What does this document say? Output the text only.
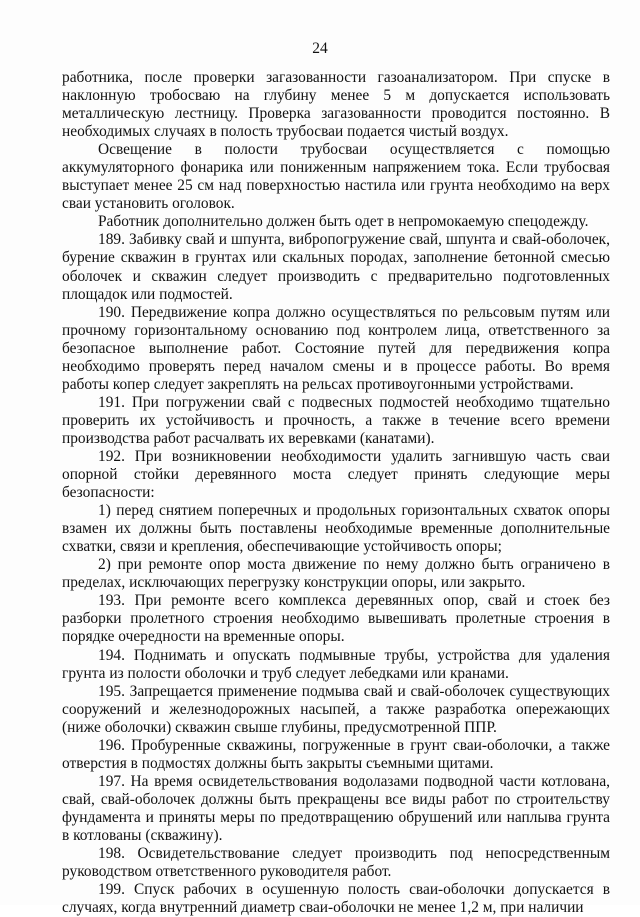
24

работника, после проверки загазованности газоанализатором. При спуске в наклонную тробосваю на глубину менее 5 м допускается использовать металлическую лестницу. Проверка загазованности проводится постоянно. В необходимых случаях в полость трубосваи подается чистый воздух.

Освещение в полости трубосваи осуществляется с помощью аккумуляторного фонарика или пониженным напряжением тока. Если трубосвая выступает менее 25 см над поверхностью настила или грунта необходимо на верх сваи установить оголовок.

Работник дополнительно должен быть одет в непромокаемую спецодежду.

189. Забивку свай и шпунта, вибропогружение свай, шпунта и свай-оболочек, бурение скважин в грунтах или скальных породах, заполнение бетонной смесью оболочек и скважин следует производить с предварительно подготовленных площадок или подмостей.

190. Передвижение копра должно осуществляться по рельсовым путям или прочному горизонтальному основанию под контролем лица, ответственного за безопасное выполнение работ. Состояние путей для передвижения копра необходимо проверять перед началом смены и в процессе работы. Во время работы копер следует закреплять на рельсах противоугонными устройствами.

191. При погружении свай с подвесных подмостей необходимо тщательно проверить их устойчивость и прочность, а также в течение всего времени производства работ расчалвать их веревками (канатами).

192. При возникновении необходимости удалить загнившую часть сваи опорной стойки деревянного моста следует принять следующие меры безопасности:

1) перед снятием поперечных и продольных горизонтальных схваток опоры взамен их должны быть поставлены необходимые временные дополнительные схватки, связи и крепления, обеспечивающие устойчивость опоры;

2) при ремонте опор моста движение по нему должно быть ограничено в пределах, исключающих перегрузку конструкции опоры, или закрыто.

193. При ремонте всего комплекса деревянных опор, свай и стоек без разборки пролетного строения необходимо вывешивать пролетные строения в порядке очередности на временные опоры.

194. Поднимать и опускать подмывные трубы, устройства для удаления грунта из полости оболочки и труб следует лебедками или кранами.

195. Запрещается применение подмыва свай и свай-оболочек существующих сооружений и железнодорожных насыпей, а также разработка опережающих (ниже оболочки) скважин свыше глубины, предусмотренной ППР.

196. Пробуренные скважины, погруженные в грунт сваи-оболочки, а также отверстия в подмостях должны быть закрыты съемными щитами.

197. На время освидетельствования водолазами подводной части котлована, свай, свай-оболочек должны быть прекращены все виды работ по строительству фундамента и приняты меры по предотвращению обрушений или наплыва грунта в котлованы (скважину).

198. Освидетельствование следует производить под непосредственным руководством ответственного руководителя работ.

199. Спуск рабочих в осушенную полость сваи-оболочки допускается в случаях, когда внутренний диаметр сваи-оболочки не менее 1,2 м, при наличии
